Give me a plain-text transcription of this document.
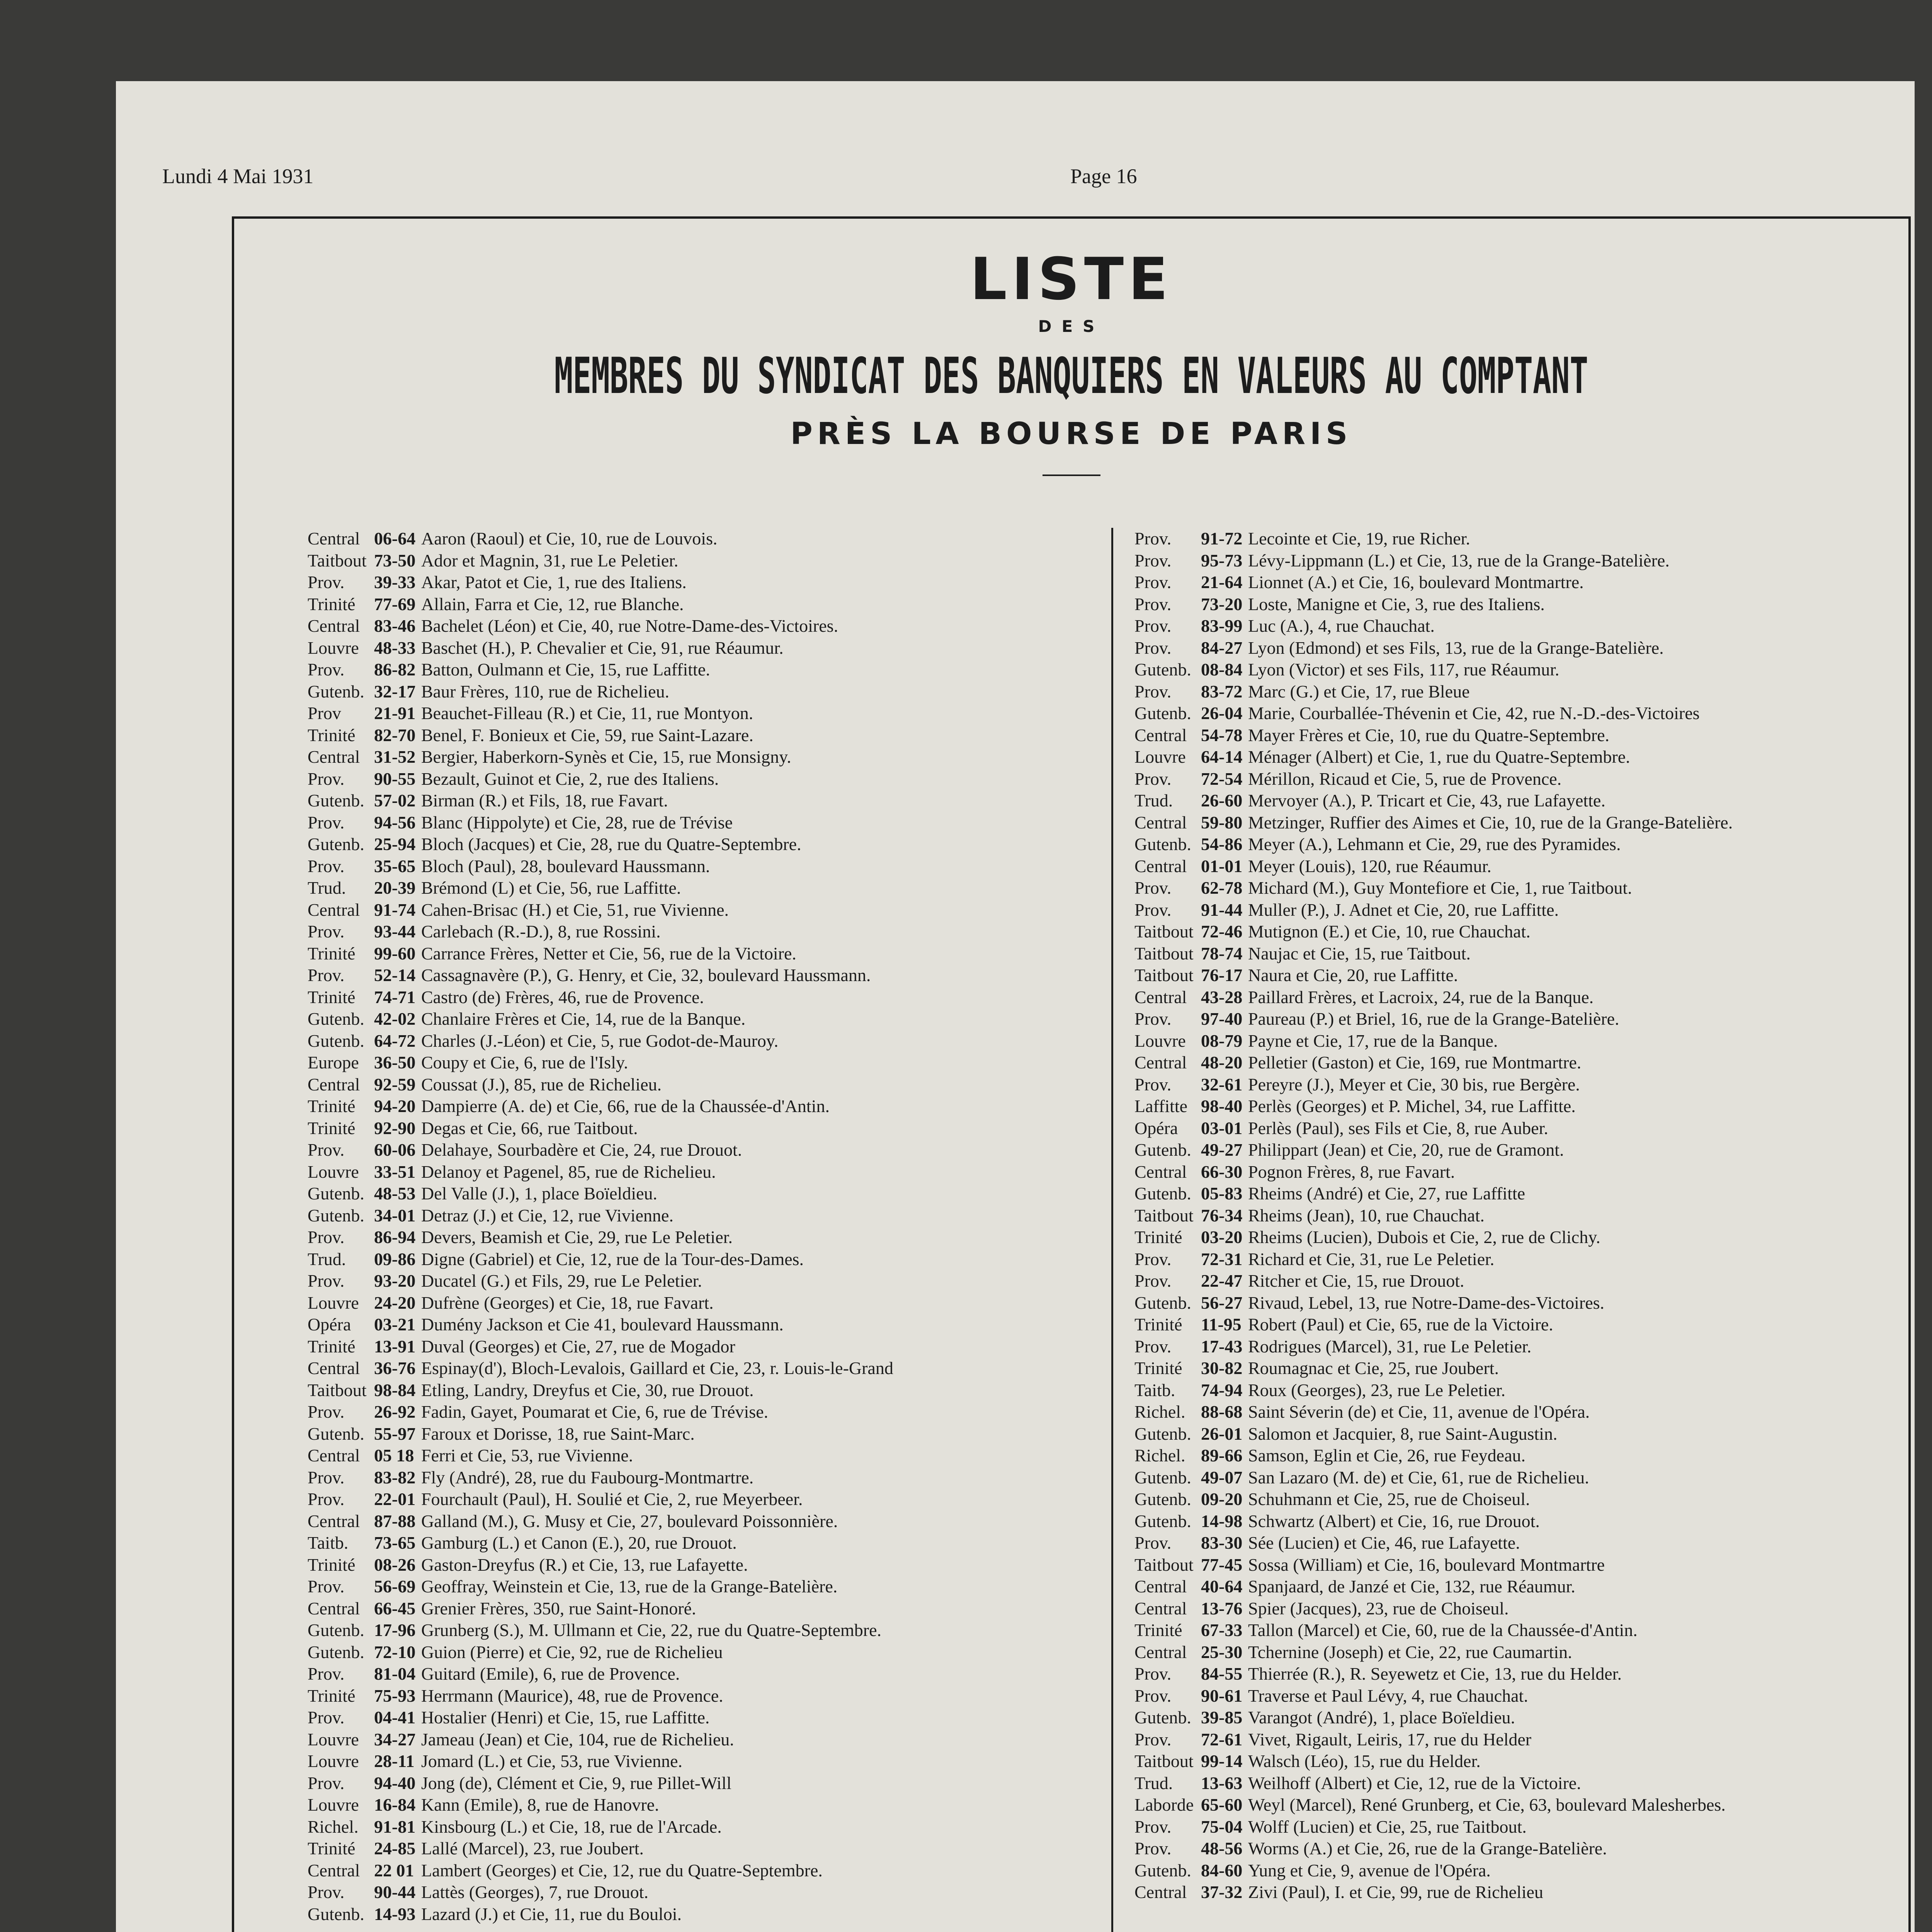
Lundi 4 Mai 1931	Page 16
LISTE
DES
MEMBRES DU SYNDICAT DES BANQUIERS EN VALEURS AU COMPTANT
PRÈS LA BOURSE DE PARIS
Central 06-64 Aaron (Raoul) et Cie, 10, rue de Louvois.
Taitbout 73-50 Ador et Magnin, 31, rue Le Peletier.
Prov.	39-33 Akar, Patot et Cie, 1, rue des Italiens.
Trinité	77-69 Allain, Farra et Cie, 12, rue Blanche.
Central 83-46 Bachelet (Léon) et Cie, 40, rue Notre-Dame-des-Victoires.
Louvre 48-33 Baschet (H.), P. Chevalier et Cie, 91, rue Réaumur.
Prov.	86-82 Batton, Oulmann et Cie, 15, rue Laffitte.
Gutenb. 32-17 Baur Frères, 110, rue de Richelieu.
Prov	21-91 Beauchet-Filleau (R.) et Cie, 11, rue Montyon.
Trinité	82-70 Benel, F. Bonieux et Cie, 59, rue Saint-Lazare.
Central 31-52 Bergier, Haberkorn-Synès et Cie, 15, rue Monsigny.
Prov.	90-55 Bezault, Guinot et Cie, 2, rue des Italiens.
Gutenb. 57-02 Birman (R.) et Fils, 18, rue Favart.
Prov.	94-56 Blanc (Hippolyte) et Cie, 28, rue de Trévise
Gutenb. 25-94 Bloch (Jacques) et Cie, 28, rue du Quatre-Septembre.
Prov.	35-65 Bloch (Paul), 28, boulevard Haussmann.
Trud.	20-39 Brémond (L) et Cie, 56, rue Laffitte.
Central 91-74 Cahen-Brisac (H.) et Cie, 51, rue Vivienne.
Prov.	93-44 Carlebach (R.-D.), 8, rue Rossini.
Trinité	99-60 Carrance Frères, Netter et Cie, 56, rue de la Victoire.
Prov.	52-14 Cassagnavère (P.), G. Henry, et Cie, 32, boulevard Haussmann.
Trinité	74-71 Castro (de) Frères, 46, rue de Provence.
Gutenb. 42-02 Chanlaire Frères et Cie, 14, rue de la Banque.
Gutenb. 64-72 Charles (J.-Léon) et Cie, 5, rue Godot-de-Mauroy.
Europe 36-50 Coupy et Cie, 6, rue de l'Isly.
Central 92-59 Coussat (J.), 85, rue de Richelieu.
Trinité	94-20 Dampierre (A. de) et Cie, 66, rue de la Chaussée-d'Antin.
Trinité	92-90 Degas et Cie, 66, rue Taitbout.
Prov.	60-06 Delahaye, Sourbadère et Cie, 24, rue Drouot.
Louvre 33-51 Delanoy et Pagenel, 85, rue de Richelieu.
Gutenb. 48-53 Del Valle (J.), 1, place Boïeldieu.
Gutenb. 34-01 Detraz (J.) et Cie, 12, rue Vivienne.
Prov.	86-94 Devers, Beamish et Cie, 29, rue Le Peletier.
Trud.	09-86 Digne (Gabriel) et Cie, 12, rue de la Tour-des-Dames.
Prov.	93-20 Ducatel (G.) et Fils, 29, rue Le Peletier.
Louvre 24-20 Dufrène (Georges) et Cie, 18, rue Favart.
Opéra	03-21 Dumény Jackson et Cie 41, boulevard Haussmann.
Trinité	13-91 Duval (Georges) et Cie, 27, rue de Mogador
Central 36-76 Espinay(d'), Bloch-Levalois, Gaillard et Cie, 23, r. Louis-le-Grand
Taitbout 98-84 Etling, Landry, Dreyfus et Cie, 30, rue Drouot.
Prov.	26-92 Fadin, Gayet, Poumarat et Cie, 6, rue de Trévise.
Gutenb. 55-97 Faroux et Dorisse, 18, rue Saint-Marc.
Central 05 18 Ferri et Cie, 53, rue Vivienne.
Prov.	83-82 Fly (André), 28, rue du Faubourg-Montmartre.
Prov.	22-01 Fourchault (Paul), H. Soulié et Cie, 2, rue Meyerbeer.
Central 87-88 Galland (M.), G. Musy et Cie, 27, boulevard Poissonnière.
Taitb.	73-65 Gamburg (L.) et Canon (E.), 20, rue Drouot.
Trinité	08-26 Gaston-Dreyfus (R.) et Cie, 13, rue Lafayette.
Prov.	56-69 Geoffray, Weinstein et Cie, 13, rue de la Grange-Batelière.
Central 66-45 Grenier Frères, 350, rue Saint-Honoré.
Gutenb. 17-96 Grunberg (S.), M. Ullmann et Cie, 22, rue du Quatre-Septembre.
Gutenb. 72-10 Guion (Pierre) et Cie, 92, rue de Richelieu
Prov.	81-04 Guitard (Emile), 6, rue de Provence.
Trinité	75-93 Herrmann (Maurice), 48, rue de Provence.
Prov.	04-41 Hostalier (Henri) et Cie, 15, rue Laffitte.
Louvre 34-27 Jameau (Jean) et Cie, 104, rue de Richelieu.
Louvre 28-11 Jomard (L.) et Cie, 53, rue Vivienne.
Prov.	94-40 Jong (de), Clément et Cie, 9, rue Pillet-Will
Louvre 16-84 Kann (Emile), 8, rue de Hanovre.
Richel. 91-81 Kinsbourg (L.) et Cie, 18, rue de l'Arcade.
Trinité	24-85 Lallé (Marcel), 23, rue Joubert.
Central 22 01 Lambert (Georges) et Cie, 12, rue du Quatre-Septembre.
Prov.	90-44 Lattès (Georges), 7, rue Drouot.
Gutenb. 14-93 Lazard (J.) et Cie, 11, rue du Bouloi.
Prov.	91-72 Lecointe et Cie, 19, rue Richer.
Prov.	95-73 Lévy-Lippmann (L.) et Cie, 13, rue de la Grange-Batelière.
Prov.	21-64 Lionnet (A.) et Cie, 16, boulevard Montmartre.
Prov.	73-20 Loste, Manigne et Cie, 3, rue des Italiens.
Prov.	83-99 Luc (A.), 4, rue Chauchat.
Prov.	84-27 Lyon (Edmond) et ses Fils, 13, rue de la Grange-Batelière.
Gutenb. 08-84 Lyon (Victor) et ses Fils, 117, rue Réaumur.
Prov.	83-72 Marc (G.) et Cie, 17, rue Bleue
Gutenb. 26-04 Marie, Courballée-Thévenin et Cie, 42, rue N.-D.-des-Victoires
Central 54-78 Mayer Frères et Cie, 10, rue du Quatre-Septembre.
Louvre 64-14 Ménager (Albert) et Cie, 1, rue du Quatre-Septembre.
Prov.	72-54 Mérillon, Ricaud et Cie, 5, rue de Provence.
Trud.	26-60 Mervoyer (A.), P. Tricart et Cie, 43, rue Lafayette.
Central 59-80 Metzinger, Ruffier des Aimes et Cie, 10, rue de la Grange-Batelière.
Gutenb. 54-86 Meyer (A.), Lehmann et Cie, 29, rue des Pyramides.
Central 01-01 Meyer (Louis), 120, rue Réaumur.
Prov.	62-78 Michard (M.), Guy Montefiore et Cie, 1, rue Taitbout.
Prov.	91-44 Muller (P.), J. Adnet et Cie, 20, rue Laffitte.
Taitbout 72-46 Mutignon (E.) et Cie, 10, rue Chauchat.
Taitbout 78-74 Naujac et Cie, 15, rue Taitbout.
Taitbout 76-17 Naura et Cie, 20, rue Laffitte.
Central 43-28 Paillard Frères, et Lacroix, 24, rue de la Banque.
Prov.	97-40 Paureau (P.) et Briel, 16, rue de la Grange-Batelière.
Louvre 08-79 Payne et Cie, 17, rue de la Banque.
Central 48-20 Pelletier (Gaston) et Cie, 169, rue Montmartre.
Prov.	32-61 Pereyre (J.), Meyer et Cie, 30 bis, rue Bergère.
Laffitte 98-40 Perlès (Georges) et P. Michel, 34, rue Laffitte.
Opéra	03-01 Perlès (Paul), ses Fils et Cie, 8, rue Auber.
Gutenb. 49-27 Philippart (Jean) et Cie, 20, rue de Gramont.
Central 66-30 Pognon Frères, 8, rue Favart.
Gutenb. 05-83 Rheims (André) et Cie, 27, rue Laffitte
Taitbout 76-34 Rheims (Jean), 10, rue Chauchat.
Trinité	03-20 Rheims (Lucien), Dubois et Cie, 2, rue de Clichy.
Prov.	72-31 Richard et Cie, 31, rue Le Peletier.
Prov.	22-47 Ritcher et Cie, 15, rue Drouot.
Gutenb. 56-27 Rivaud, Lebel, 13, rue Notre-Dame-des-Victoires.
Trinité	11-95 Robert (Paul) et Cie, 65, rue de la Victoire.
Prov.	17-43 Rodrigues (Marcel), 31, rue Le Peletier.
Trinité	30-82 Roumagnac et Cie, 25, rue Joubert.
Taitb.	74-94 Roux (Georges), 23, rue Le Peletier.
Richel. 88-68 Saint Séverin (de) et Cie, 11, avenue de l'Opéra.
Gutenb. 26-01 Salomon et Jacquier, 8, rue Saint-Augustin.
Richel. 89-66 Samson, Eglin et Cie, 26, rue Feydeau.
Gutenb. 49-07 San Lazaro (M. de) et Cie, 61, rue de Richelieu.
Gutenb. 09-20 Schuhmann et Cie, 25, rue de Choiseul.
Gutenb. 14-98 Schwartz (Albert) et Cie, 16, rue Drouot.
Prov.	83-30 Sée (Lucien) et Cie, 46, rue Lafayette.
Taitbout 77-45 Sossa (William) et Cie, 16, boulevard Montmartre
Central 40-64 Spanjaard, de Janzé et Cie, 132, rue Réaumur.
Central 13-76 Spier (Jacques), 23, rue de Choiseul.
Trinité	67-33 Tallon (Marcel) et Cie, 60, rue de la Chaussée-d'Antin.
Central 25-30 Tchernine (Joseph) et Cie, 22, rue Caumartin.
Prov.	84-55 Thierrée (R.), R. Seyewetz et Cie, 13, rue du Helder.
Prov.	90-61 Traverse et Paul Lévy, 4, rue Chauchat.
Gutenb. 39-85 Varangot (André), 1, place Boïeldieu.
Prov.	72-61 Vivet, Rigault, Leiris, 17, rue du Helder
Taitbout 99-14 Walsch (Léo), 15, rue du Helder.
Trud.	13-63 Weilhoff (Albert) et Cie, 12, rue de la Victoire.
Laborde 65-60 Weyl (Marcel), René Grunberg, et Cie, 63, boulevard Malesherbes.
Prov.	75-04 Wolff (Lucien) et Cie, 25, rue Taitbout.
Prov.	48-56 Worms (A.) et Cie, 26, rue de la Grange-Batelière.
Gutenb. 84-60 Yung et Cie, 9, avenue de l'Opéra.
Central 37-32 Zivi (Paul), I. et Cie, 99, rue de Richelieu
